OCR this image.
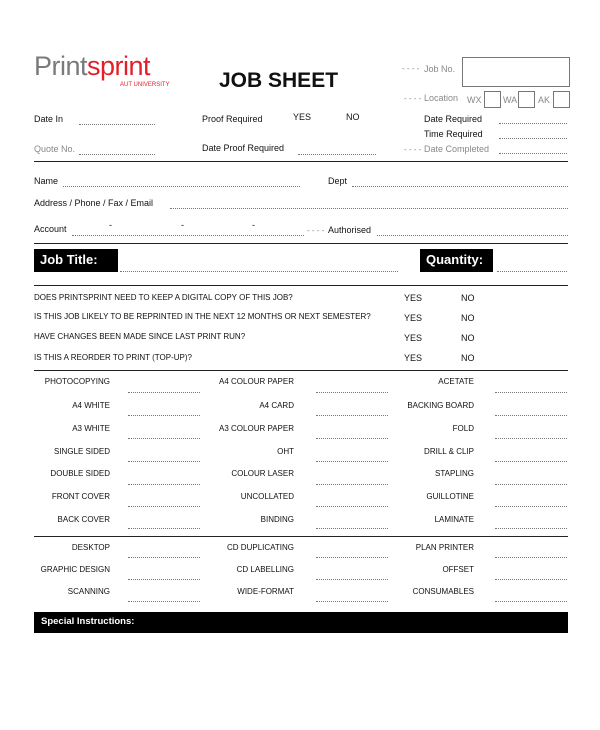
Printsprint
AUT UNIVERSITY JOB SHEET
‐ ‐ ‐ ‐ Job No.
‐ ‐ ‐ ‐ Location WX WA AK
Date Required
Time Required
‐ ‐ ‐ ‐ Date Completed
Date In
Quote No.
Proof Required	YES	NO
Date Proof Required
Name	Dept
Address / Phone / Fax / Email
Account	-	-	-
‐ ‐ ‐ ‐ Authorised
Job Title:	Quantity:
DOES PRINTSPRINT NEED TO KEEP A DIGITAL COPY OF THIS JOB?	YES	NO
IS THIS JOB LIKELY TO BE REPRINTED IN THE NEXT 12 MONTHS OR NEXT SEMESTER?	YES	NO
HAVE CHANGES BEEN MADE SINCE LAST PRINT RUN?	YES	NO
IS THIS A REORDER TO PRINT (TOP-UP)?	YES	NO
PHOTOCOPYING	A4 COLOUR PAPER	ACETATE
A4 WHITE	A4 CARD	BACKING BOARD
A3 WHITE	A3 COLOUR PAPER	FOLD
SINGLE SIDED	OHT	DRILL & CLIP
DOUBLE SIDED	COLOUR LASER	STAPLING
FRONT COVER	UNCOLLATED	GUILLOTINE
BACK COVER	BINDING	LAMINATE
DESKTOP	CD DUPLICATING	PLAN PRINTER
GRAPHIC DESIGN	CD LABELLING	OFFSET
SCANNING	WIDE-FORMAT	CONSUMABLES
Special Instructions:
